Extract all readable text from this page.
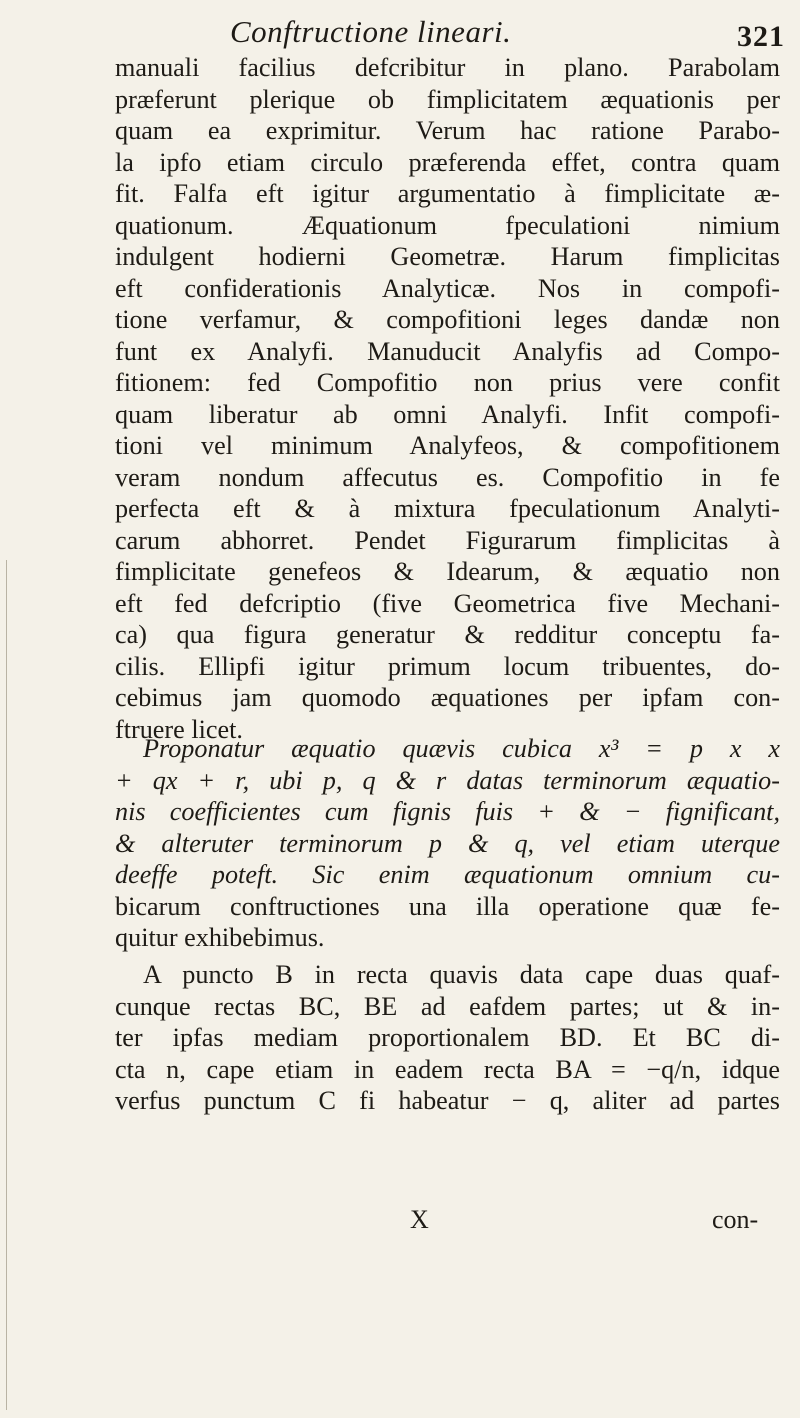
Conftructione lineari.	321

manuali facilius defcribitur in plano. Parabolam
præferunt plerique ob fimplicitatem æquationis per
quam ea exprimitur. Verum hac ratione Parabo-
la ipfo etiam circulo præferenda effet, contra quam
fit. Falfa eft igitur argumentatio à fimplicitate æ-
quationum. Æquationum fpeculationi nimium
indulgent hodierni Geometræ. Harum fimplicitas
eft confiderationis Analyticæ. Nos in compofi-
tione verfamur, & compofitioni leges dandæ non
funt ex Analyfi. Manuducit Analyfis ad Compo-
fitionem: fed Compofitio non prius vere confit
quam liberatur ab omni Analyfi. Infit compofi-
tioni vel minimum Analyfeos, & compofitionem
veram nondum affecutus es. Compofitio in fe
perfecta eft & à mixtura fpeculationum Analyti-
carum abhorret. Pendet Figurarum fimplicitas à
fimplicitate genefeos & Idearum, & æquatio non
eft fed defcriptio (five Geometrica five Mechani-
ca) qua figura generatur & redditur conceptu fa-
cilis. Ellipfi igitur primum locum tribuentes, do-
cebimus jam quomodo æquationes per ipfam con-
ftruere licet.

Proponatur æquatio quævis cubica x³ = p x x
+ qx + r, ubi p, q & r datas terminorum æquatio-
nis coefficientes cum fignis fuis + & − fignificant,
& alteruter terminorum p & q, vel etiam uterque
deeffe poteft. Sic enim æquationum omnium cu-
bicarum conftructiones una illa operatione quæ fe-
quitur exhibebimus.

A puncto B in recta quavis data cape duas quaf-
cunque rectas BC, BE ad eafdem partes; ut & in-
ter ipfas mediam proportionalem BD. Et BC di-
cta n, cape etiam in eadem recta BA = −q/n, idque
verfus punctum C fi habeatur − q, aliter ad partes

X	con-
